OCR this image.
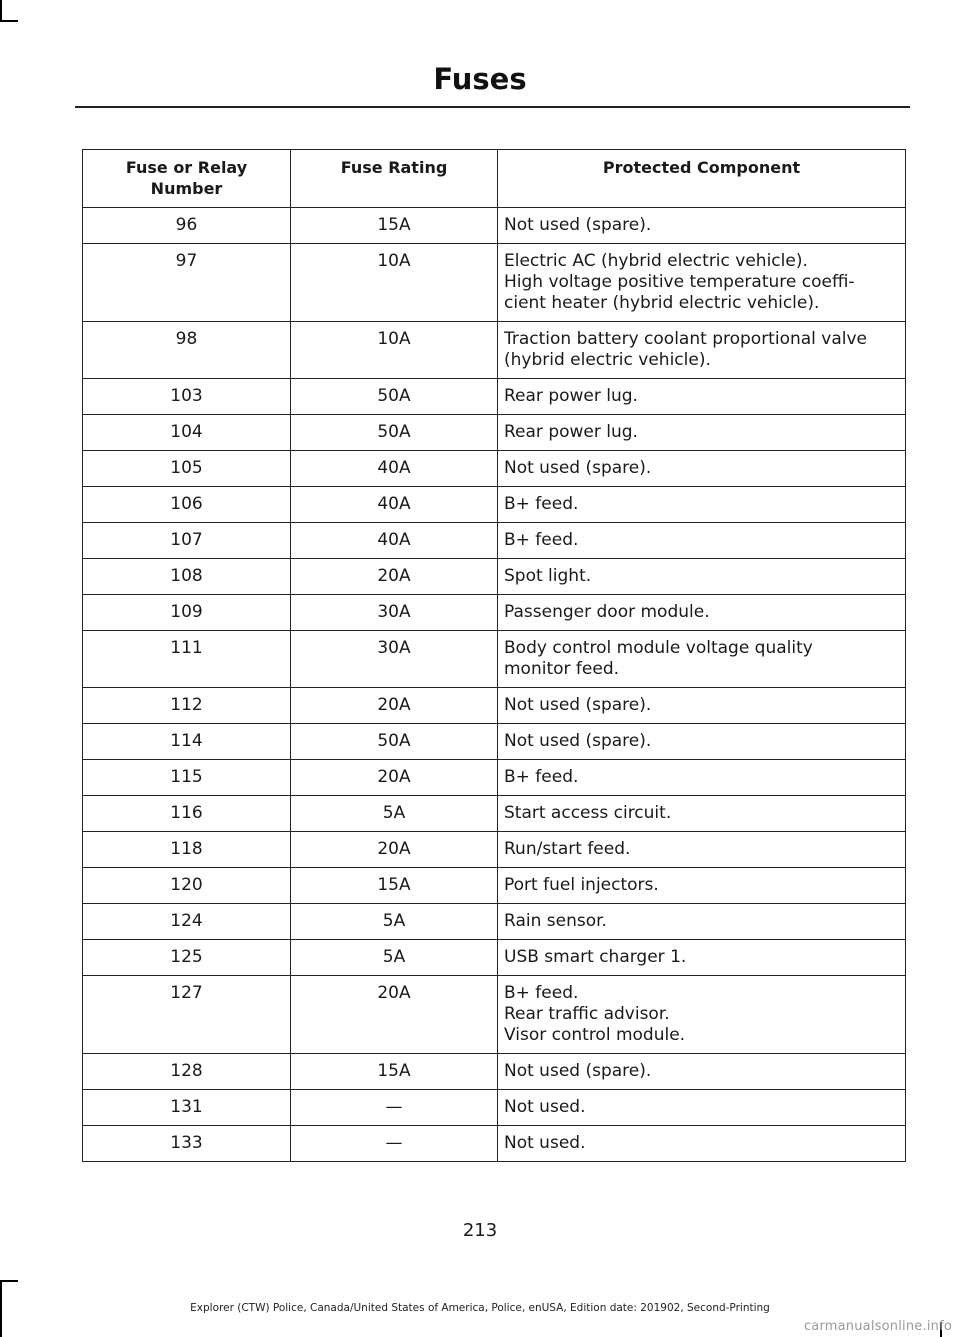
Fuses
Fuse or Relay Number	Fuse Rating	Protected Component
96	15A	Not used (spare).

97	10A	Electric AC (hybrid electric vehicle).
High voltage positive temperature coeffi-
cient heater (hybrid electric vehicle).

98	10A	Traction battery coolant proportional valve
(hybrid electric vehicle).

103	50A	Rear power lug.

104	50A	Rear power lug.

105	40A	Not used (spare).

106	40A	B+ feed.

107	40A	B+ feed.

108	20A	Spot light.

109	30A	Passenger door module.

111	30A	Body control module voltage quality
monitor feed.

112	20A	Not used (spare).

114	50A	Not used (spare).

115	20A	B+ feed.

116	5A	Start access circuit.

118	20A	Run/start feed.

120	15A	Port fuel injectors.

124	5A	Rain sensor.

125	5A	USB smart charger 1.

127	20A	B+ feed.
Rear traffic advisor.
Visor control module.

128	15A	Not used (spare).

131	—	Not used.

133	—	Not used.
213
Explorer (CTW) Police, Canada/United States of America, Police, enUSA, Edition date: 201902, Second-Printing
carmanualsonline.info
